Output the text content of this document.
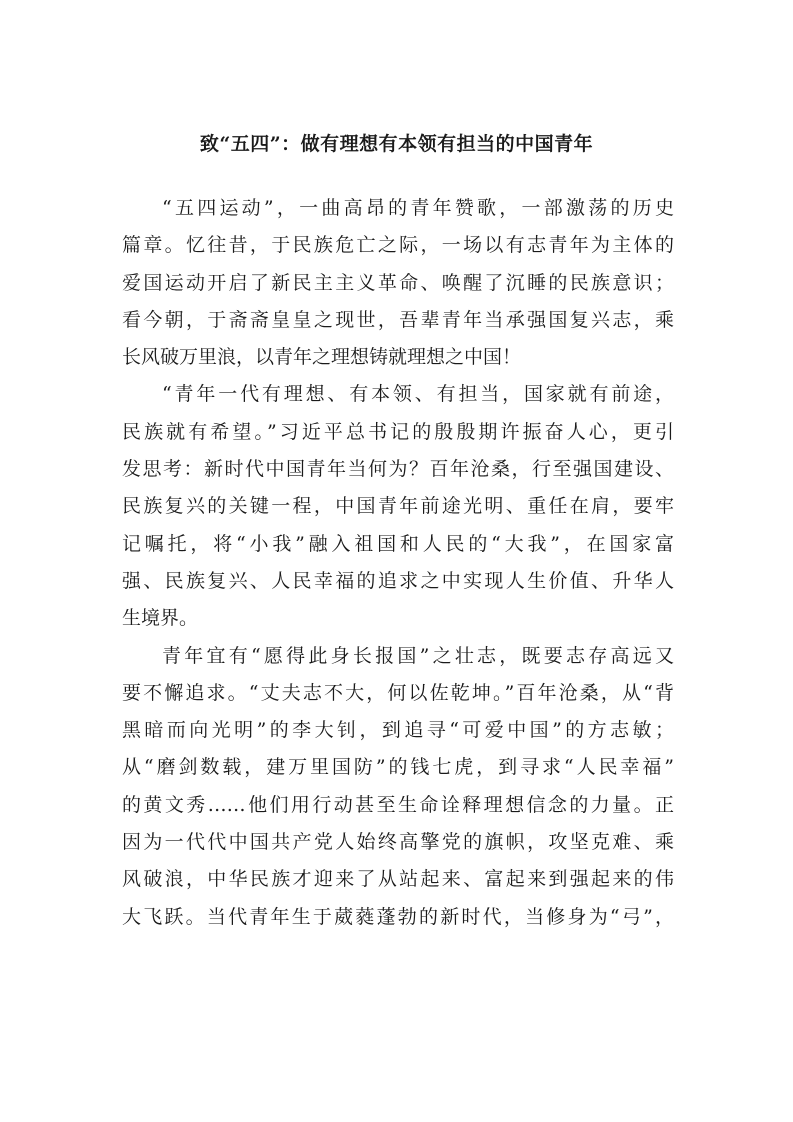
致“五四”：做有理想有本领有担当的中国青年
“五四运动”，一曲高昂的青年赞歌，一部激荡的历史
篇章。忆往昔，于民族危亡之际，一场以有志青年为主体的
爱国运动开启了新民主主义革命、唤醒了沉睡的民族意识；
看今朝，于斋斋皇皇之现世，吾辈青年当承强国复兴志，乘
长风破万里浪，以青年之理想铸就理想之中国！
“青年一代有理想、有本领、有担当，国家就有前途，
民族就有希望。”习近平总书记的殷殷期许振奋人心，更引
发思考：新时代中国青年当何为？百年沧桑，行至强国建设、
民族复兴的关键一程，中国青年前途光明、重任在肩，要牢
记嘱托，将“小我”融入祖国和人民的“大我”，在国家富
强、民族复兴、人民幸福的追求之中实现人生价值、升华人
生境界。
青年宜有“愿得此身长报国”之壮志，既要志存高远又
要不懈追求。“丈夫志不大，何以佐乾坤。”百年沧桑，从“背
黑暗而向光明”的李大钊，到追寻“可爱中国”的方志敏；
从“磨剑数载，建万里国防”的钱七虎，到寻求“人民幸福”
的黄文秀……他们用行动甚至生命诠释理想信念的力量。正
因为一代代中国共产党人始终高擎党的旗帜，攻坚克难、乘
风破浪，中华民族才迎来了从站起来、富起来到强起来的伟
大飞跃。当代青年生于葳蕤蓬勃的新时代，当修身为“弓”，
